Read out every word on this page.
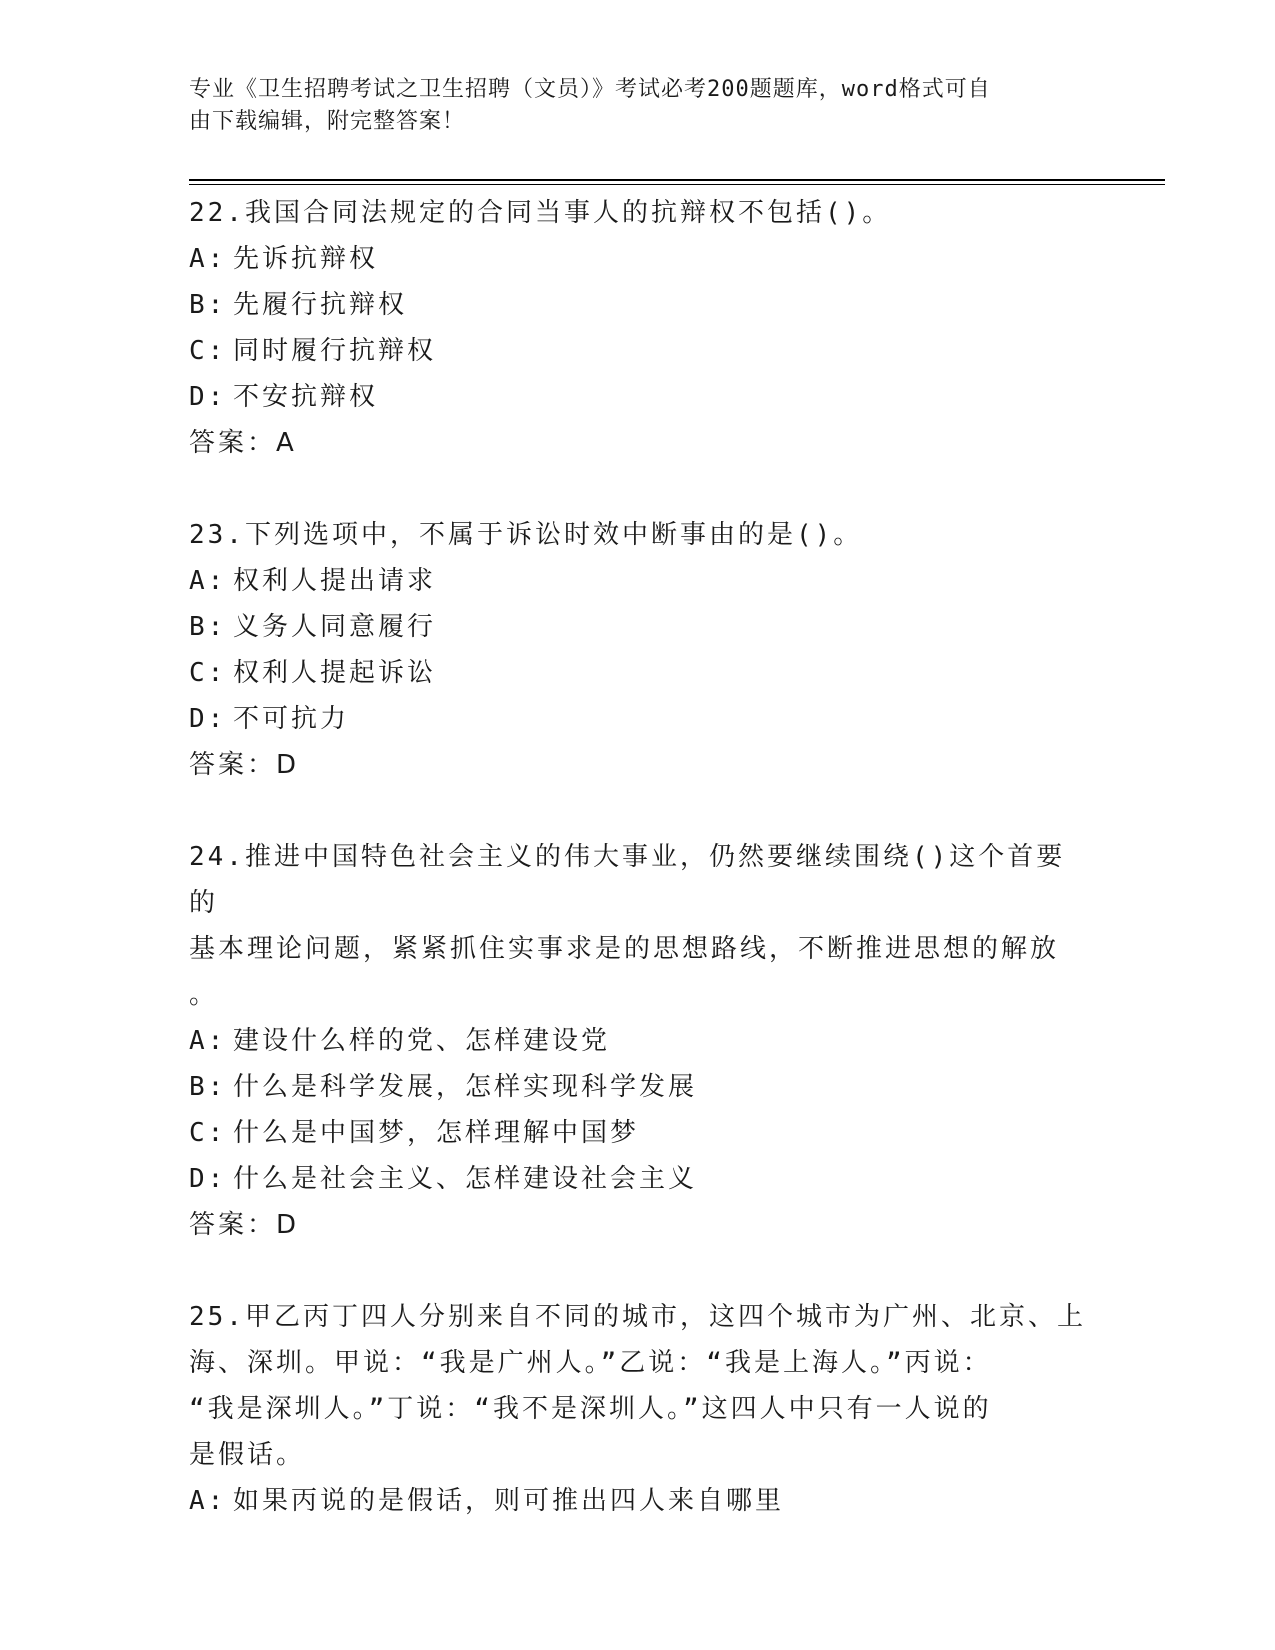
专业《卫生招聘考试之卫生招聘（文员）》考试必考200题题库，word格式可自
由下载编辑，附完整答案！
22.我国合同法规定的合同当事人的抗辩权不包括()。
A: 先诉抗辩权
B: 先履行抗辩权
C: 同时履行抗辩权
D: 不安抗辩权
答案：A
23.下列选项中，不属于诉讼时效中断事由的是()。
A: 权利人提出请求
B: 义务人同意履行
C: 权利人提起诉讼
D: 不可抗力
答案：D
24.推进中国特色社会主义的伟大事业，仍然要继续围绕()这个首要的
基本理论问题，紧紧抓住实事求是的思想路线，不断推进思想的解放
。
A: 建设什么样的党、怎样建设党
B: 什么是科学发展，怎样实现科学发展
C: 什么是中国梦，怎样理解中国梦
D: 什么是社会主义、怎样建设社会主义
答案：D
25.甲乙丙丁四人分别来自不同的城市，这四个城市为广州、北京、上
海、深圳。甲说：“我是广州人。”乙说：“我是上海人。”丙说：
“我是深圳人。”丁说：“我不是深圳人。”这四人中只有一人说的
是假话。
A: 如果丙说的是假话，则可推出四人来自哪里
